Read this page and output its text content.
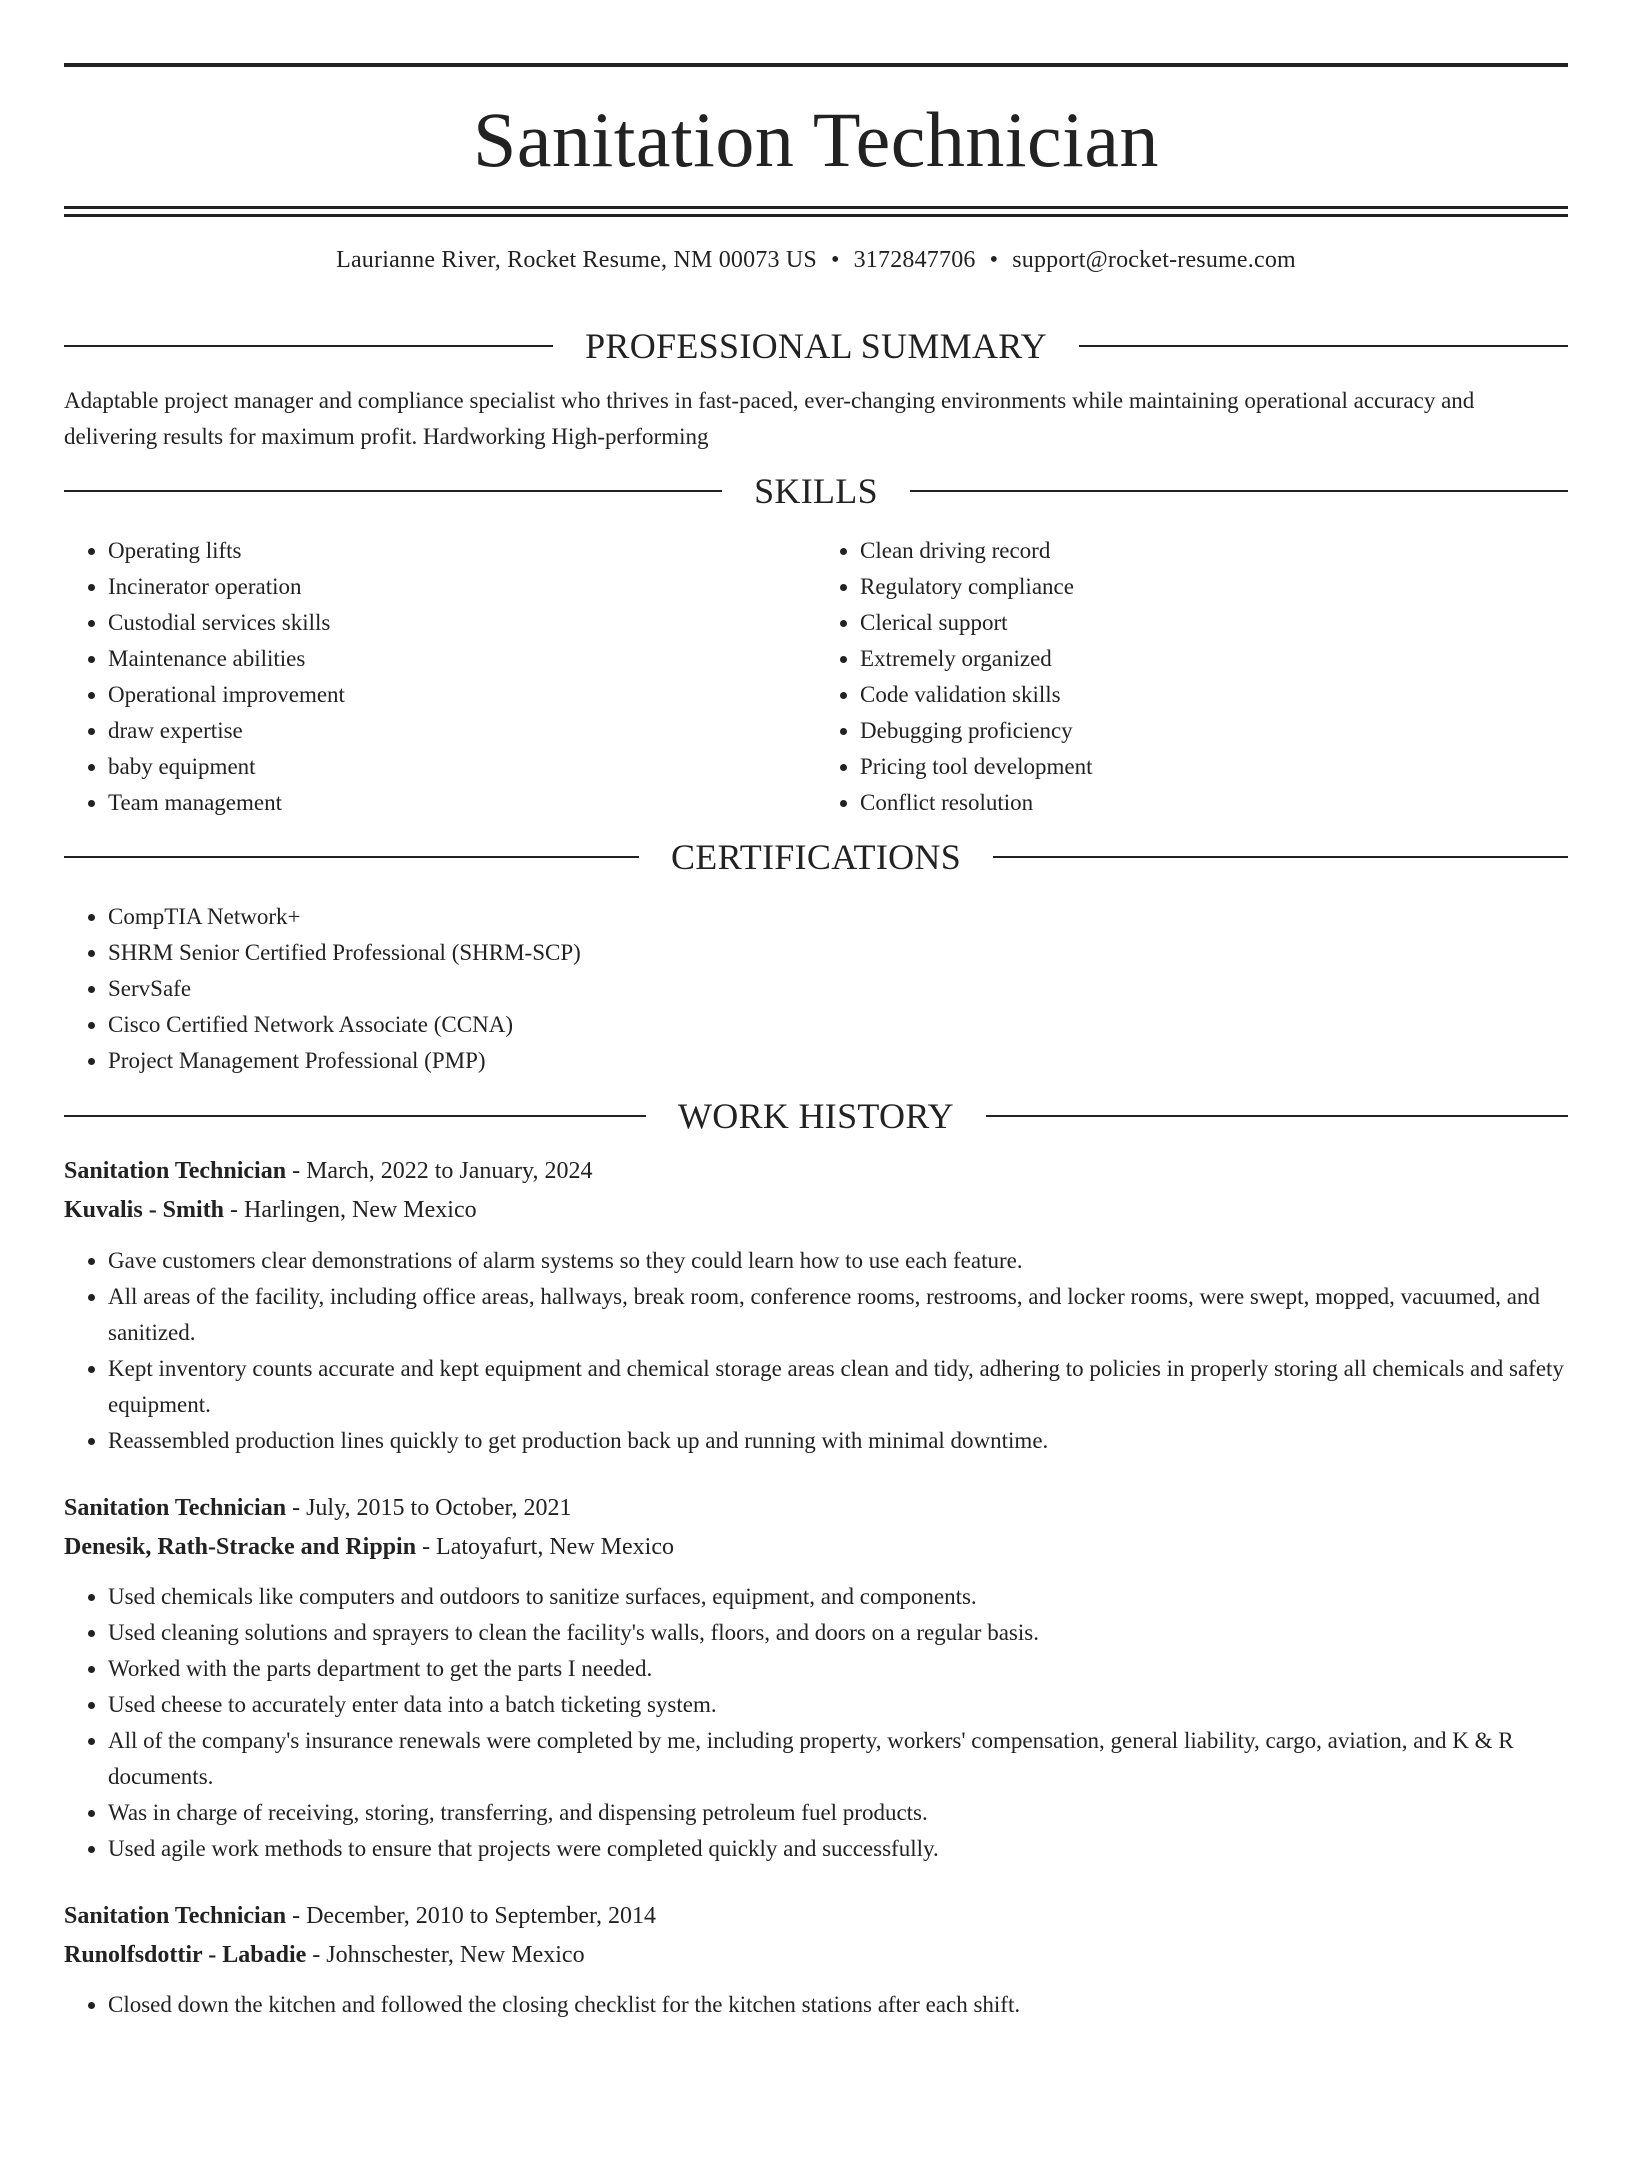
Sanitation Technician
Laurianne River, Rocket Resume, NM 00073 US • 3172847706 • support@rocket-resume.com
PROFESSIONAL SUMMARY

Adaptable project manager and compliance specialist who thrives in fast-paced, ever-changing environments while maintaining operational accuracy and delivering results for maximum profit. Hardworking High-performing

SKILLS
• Operating lifts
• Incinerator operation
• Custodial services skills
• Maintenance abilities
• Operational improvement
• draw expertise
• baby equipment
• Team management
• Clean driving record
• Regulatory compliance
• Clerical support
• Extremely organized
• Code validation skills
• Debugging proficiency
• Pricing tool development
• Conflict resolution
CERTIFICATIONS
• CompTIA Network+
• SHRM Senior Certified Professional (SHRM-SCP)
• ServSafe
• Cisco Certified Network Associate (CCNA)
• Project Management Professional (PMP)
WORK HISTORY
Sanitation Technician - March, 2022 to January, 2024
Kuvalis - Smith - Harlingen, New Mexico
• Gave customers clear demonstrations of alarm systems so they could learn how to use each feature.
• All areas of the facility, including office areas, hallways, break room, conference rooms, restrooms, and locker rooms, were swept, mopped, vacuumed, and sanitized.
• Kept inventory counts accurate and kept equipment and chemical storage areas clean and tidy, adhering to policies in properly storing all chemicals and safety equipment.
• Reassembled production lines quickly to get production back up and running with minimal downtime.
Sanitation Technician - July, 2015 to October, 2021
Denesik, Rath-Stracke and Rippin - Latoyafurt, New Mexico
• Used chemicals like computers and outdoors to sanitize surfaces, equipment, and components.
• Used cleaning solutions and sprayers to clean the facility's walls, floors, and doors on a regular basis.
• Worked with the parts department to get the parts I needed.
• Used cheese to accurately enter data into a batch ticketing system.
• All of the company's insurance renewals were completed by me, including property, workers' compensation, general liability, cargo, aviation, and K & R documents.
• Was in charge of receiving, storing, transferring, and dispensing petroleum fuel products.
• Used agile work methods to ensure that projects were completed quickly and successfully.
Sanitation Technician - December, 2010 to September, 2014
Runolfsdottir - Labadie - Johnschester, New Mexico
• Closed down the kitchen and followed the closing checklist for the kitchen stations after each shift.
